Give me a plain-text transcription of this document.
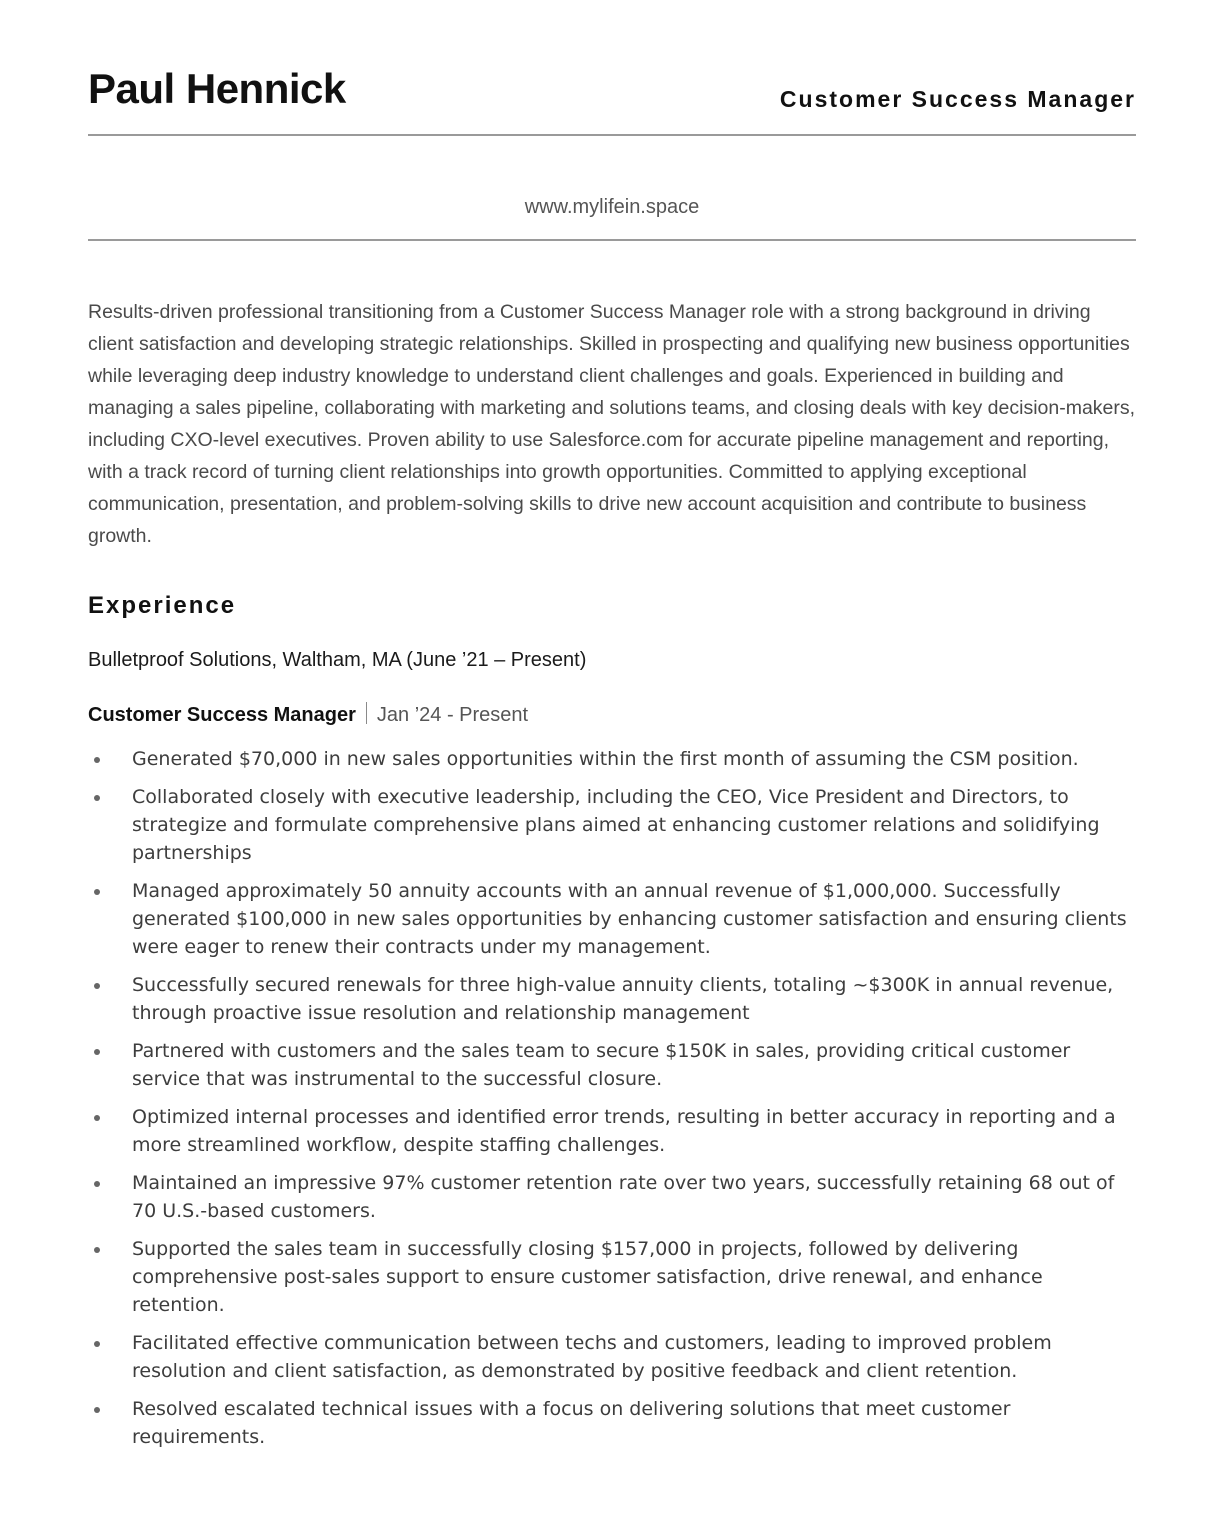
Paul Hennick	Customer Success Manager
www.mylifein.space

Results-driven professional transitioning from a Customer Success Manager role with a strong background in driving client satisfaction and developing strategic relationships. Skilled in prospecting and qualifying new business opportunities while leveraging deep industry knowledge to understand client challenges and goals. Experienced in building and managing a sales pipeline, collaborating with marketing and solutions teams, and closing deals with key decision-makers, including CXO-level executives. Proven ability to use Salesforce.com for accurate pipeline management and reporting, with a track record of turning client relationships into growth opportunities. Committed to applying exceptional communication, presentation, and problem-solving skills to drive new account acquisition and contribute to business growth.

Experience
Bulletproof Solutions, Waltham, MA (June ’21 – Present)
Customer Success Manager Jan ’24 - Present
Generated $70,000 in new sales opportunities within the first month of assuming the CSM position.
Collaborated closely with executive leadership, including the CEO, Vice President and Directors, to strategize and formulate comprehensive plans aimed at enhancing customer relations and solidifying partnerships
Managed approximately 50 annuity accounts with an annual revenue of $1,000,000. Successfully generated $100,000 in new sales opportunities by enhancing customer satisfaction and ensuring clients were eager to renew their contracts under my management.
Successfully secured renewals for three high-value annuity clients, totaling ~$300K in annual revenue, through proactive issue resolution and relationship management
Partnered with customers and the sales team to secure $150K in sales, providing critical customer service that was instrumental to the successful closure.
Optimized internal processes and identified error trends, resulting in better accuracy in reporting and a more streamlined workflow, despite staffing challenges.
Maintained an impressive 97% customer retention rate over two years, successfully retaining 68 out of 70 U.S.-based customers.
Supported the sales team in successfully closing $157,000 in projects, followed by delivering comprehensive post-sales support to ensure customer satisfaction, drive renewal, and enhance retention.
Facilitated effective communication between techs and customers, leading to improved problem resolution and client satisfaction, as demonstrated by positive feedback and client retention.
Resolved escalated technical issues with a focus on delivering solutions that meet customer requirements.
